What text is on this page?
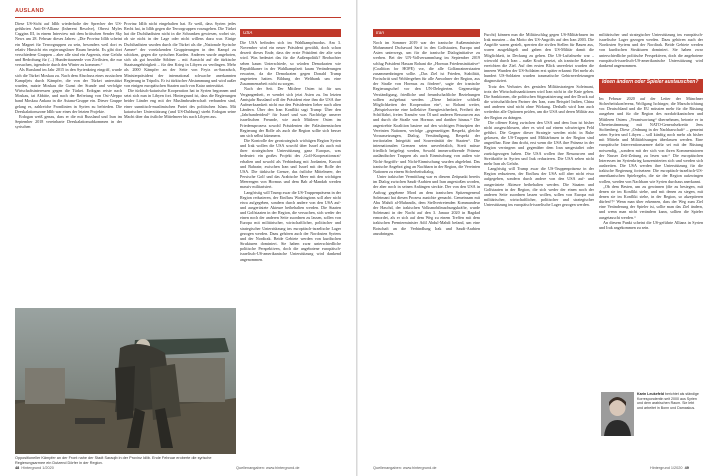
AUSLAND

Diese US-Sicht auf Idlib wiederholte der Sprecher der US-geführten Anti-IS-Allianz (Inherent Resolve), Oberst Myles Caggins III, in einem Interview mit dem britischen Sender Sky News am 28. Februar dieses Jahres: „Die Provinz Idlib scheint ein Magnet für Terrorgruppen zu sein, besonders weil dort es relativ Hinsicht ein regierungsloser Raum besteht. Es gibt dort verschiedene Gruppen – aber alle sind ein Argernis, eine Gefahr und Bedrohung für (...) Hunderttausende von Zivilisten, die nur versuchen, irgendwie durch den Winter zu kommen.“

Als Russland im Jahr 2015 in den Syrienkrieg eingriff, wurde sich die Türkei Moskau zu. Nach dem Abschuss eines russischen Kampfjets durch Kämpfer, die von der Türkei unterstützt wurden, nutzte Moskau die Gunst der Stunde und verfolgte Wirtschaftsinteressen gegen die Türkei. Erdogan reiste nach Moskau, tat Abbitte, und nach der Befreiung von Ost-Aleppo band Moskau Ankara in die Astana-Gruppe ein. Dieser Gruppe gelang es, zahlreiche Frontlinien in Syrien zu befrieden. Die Deeskalationszone Idlib war eines der letzten Projekte.

Erdogan weiß genau, dass er die mit Russland und Iran im September 2018 vereinbarte Deeskalationsabkommen in der syrischen

Provinz Idlib nicht eingehalten hat. Er weiß, dass Syrien jedes Recht hat, in Idlib gegen die Terrorgruppen vorzugehen. Die Türkei hat die Dschihadisten nicht in die Schranken gewiesen, wobei sie, ob sie nicht in der Lage oder nicht willens dazu war. Einige Dschihadisten wurden durch die Türkei als die „Nationale Syrische Armee“ der vorrückenden Gruppierungen in den Kampf zu schicken, gegen die syrischen Kurden. Anderen wurde angeboten, sich als gut bezahlte Söldner – mit Aussicht auf die türkische Staatsangehörigkeit – für den Krieg in Libyen zu verdingen. Mehr als 2000 Kämpfer an der Seite von Feyiz as-Sarradsch, Ministerpräsident der international schwache anerkannten Regierung in Tripolis. Er ist türkischer Abstammung und wird außer von einigen europäischen Staaten auch von Katar unterstützt.

Die türkisch-katarische Kooperation hat in Syrien begonnen und setzt sich nun in Libyen fort. Hintergrund ist, dass die Regierungen beider Länder eng mit der Muslimbruderschaft verbunden sind, einer sunnitisch-muslimischen Partei des politischen Islam. Mit katarischer Unterstützung (und US-Duldung) strebt Erdogan seine Macht über das östliche Mittelmeer bis nach Libyen aus.

USA

Die USA befinden sich im Wahlkampfmodus. Am 3. November wird ein neuer Präsident gewählt, doch schon derzeit dieses Ende, dass der erste Präsident der alte sein wird. Was bedeutet das für die Außenpolitik? Beobachter sehen kaum Unterschiede, so würden Demokraten wie Republikaner in der Wahlkampfzeit kaum Veränderungen erwarten, da die Demokraten gegen Donald Trump angetreten hatten. Bildung der Weltbank um eine Zusammenarbeit nicht zu sorgen.

Nach der Seit. Der Mittlere Osten ist für uns Vergangenheit, er wendet sich jetzt Asien zu. Im letzten Amtsjahr Russland will der Präsident eine ihm die USA ihre Aufmerksamkeit nicht nur den Präsidenten lieber nach alten Ländern. Über den Iran Konflikt sagt Trump: Über den „Jahrhundertdeal“ für Israel und was Nachfolge unserer israelischen Freunde, wie auch Mittlerer Osten im Friedensprozess sowohl Präsidenten der Palästinensischen Regierung der Rolle als auch die Region sollte sich besser um sich selbst kümmern.

Die Kontrolle der geostrategisch wichtigen Region Syrien und Irak wollen die USA sowohl über Israel als auch mit ihrer strategischen Unterstützung ganz Europas, was bedeutet: ein großes Projekt des ‚Golf-Kooperationsrat‘ erhalten und sowohl als Verbindung mit Jordanien, Kuwait und Bahrain; zwischen Iran und Israel mit der Rolle der USA. Die türkische Grenze, das östliche Mittelmeer, der Persische Golf und das Arabische Meer mit den wichtigen Meerengen von Hormus und dem Bab al-Mandab werden massiv militarisiert.

Langfristig will Trump zwar die US-Truppenpräsenz in der Region reduzieren, der Einfluss Washingtons soll aber nicht etwa aufgegeben, sondern durch andere von den USA auf- und ausgerüstete Akteure beibehalten werden. Die Staaten und Golfstaaten in der Region, die versuchen, sich weder der einen noch der anderen Seite zuordnen zu lassen, sollen von Europa mit militärischer, wirtschaftlicher, politischer und strategischer Unterstützung ins europäisch-israelische Lager gezogen werden. Dazu gehören auch der Nordosten Syriens und der Nordirak. Beide Gebiete werden von kurdischen Strukturen dominiert. Sie haben zwar unterschiedliche politische Perspektiven, doch die angebotene europäisch-israelisch-US-amerikanische Unterstützung wird dankend angenommen.

Oppositioneller Kämpfer an der Front nahe der Stadt Saraqib in der Provinz Idlib. Ende Februar eroberte die syrische Regierungsarmee ein Dutzend Dörfer in der Region.
48 Hintergrund 1/2020	Quellenangaben: www.hintergrund.de
Iran

Noch im Sommer 2019 war der iranische Außenminister Mohammed Dschawad Sarif in den Golfstaaten, Europa und Asien unterwegs, um für die iranische Dialoginitiative zu werben. Bei der UN-Vollversammlung im September 2019 schlug Präsident Hassan Rohani die „Hormus Friedensinitiative“ (Coalition for HOPE) vor, die alle Golfanrainerstaaten zusammenbringen sollte. „Das Ziel ist Frieden, Stabilität, Fortschritt und Wohlergehen für alle Anwohner der Region, aus der Straße von Hormus zu fördern“, sagte der iranische Regierungschef vor den UN-Delegierten. Gegenseitige Verständigung, friedliche und freundschaftliche Beziehungen sollten aufgebaut werden. „Diese Initiative schließt Möglichkeiten der Kooperation ein“, so Rohani weiter, „Beispielsweise eine kollektive Energiesicherheit, Freiheit der Schifffahrt, freien Transfer von Öl und anderen Ressourcen aus und durch die Straße von Hormus und darüber hinaus.“ Die angestrebte Koalition basiere auf den wichtigen Prinzipien der Vereinten Nationen, verfolge „gegenseitigen Respekt, gleiche Voraussetzungen, Dialog, Verständigung, Respekt der territorialen Integrität und Souveränität der Staaten“. Die internationalen Grenzen seien unverletzlich, Streit müsse friedlich beigelegt werden, Sowohl immerwährende Präsenz ausländischer Truppen als auch Einmischung von außen wie Nicht-Angriffs- und Nicht-Einmischung wurden abgelehnt. Das iranische Angebot ging an Nachbarn in der Region, die Vereinten Nationen zu einem Sicherheitsdialog.

Unter irakischer Vermittlung war es diesem Zeitpunkt bereits im Dialog zwischen Saudi-Arabien und Iran angestoßen worden, der aber noch in seinen Anfängen steckte. Der von den USA in Auftrag gegebene Mord an dem iranischen Spitzengeneral Soleimani hat diesen Prozess zunichte gemacht. Gemeinsam mit Abu Mahdi al-Muhandis, dem Stellvertretenden Kommandeur der Haschd, der irakischen Volksmobilmachungskräfte, wurde Soleimani in der Nacht auf den 3. Januar 2020 in Bagdad ermordet, als er sich auf dem Weg zu einem Treffen mit dem irakischen Premierminister Adil Abdul-Mahdi befand, um eine Botschaft an die Verbindlung Irak und Saudi-Arabien anzubringen.

Furcht) können nun die Militärschlag gegen US-Militärbasen im Irak mussten – das Motto des US-Angriffs auf den Iran 2003. Die Angriffe waren gezielt, sperrten die zivilen Stellen für Bauen aus, waren ausgeklügelt und gaben den US-Militär damit die Möglichkeit, in Deckung zu gehen. Die US-Luftabwehr war – wiewohl durch Iran – außer Kraft gesetzt, als iranische Raketen erreichten die Ziel. Auf den ersten Blick unverletzt wurden die inneren Wunden der US-Soldaten erst später erkannt: Bei mehr als hundert US-Soldaten wurden traumatische Gehirnverletzungen diagnostiziert.

Trotz des Verlustes des genialen Militärstrategen Soleimani, trotz der Wirtschaftssanktionen wird Iran nicht in die Knie gehen. Die Sanktionen, die politischen Stigmatisierung und der Druck auf die wirtschaftlichen Partner des Iran, zum Beispiel Indien, China und anderen sind nicht ohne Wirkung. Deshalb wird Iran auch weiterhin alle Optionen prüfen, um die USA und deren Militär aus der Region zu drängen.

Die offener Krieg zwischen den USA und dem Iran ist bisher nicht ausgeschlossen, aber es wird auf einem schwierigen Feld geführt. Die Gegner dieser Strategie werden nicht in Ruhe gelassen, die US-Truppen und Militärbasen in der Region sind angreifbar. Eine ihm droht, erst wenn die USA ihre Präsenz in der Region verringern und gegenüber dem Iran umgestaltet oder zurückgezogen haben. Die USA wollen ihre Ressourcen und Streitkräfte in Syrien und Irak reduzieren. Die USA sehen nicht mehr Iran als Gefahr.

Langfristig will Trump zwar die US-Truppenpräsenz in der Region reduzieren, der Einfluss der USA soll aber nicht etwa aufgegeben, sondern durch andere von den USA auf- und ausgerüstete Akteure beibehalten werden. Die Staaten und Golfstaaten in der Region, die sich weder der einen noch der anderen Seite zuordnen lassen wollen, sollen von Europa mit militärischer, wirtschaftlicher, politischer und strategischer Unterstützung ins europäisch-israelische Lager gezogen werden.

militärischer und strategischer Unterstützung ins europäisch-israelische Lager gezogen werden. Dazu gehören auch der Nordosten Syriens und der Nordirak. Beide Gebiete werden von kurdischen Strukturen dominiert. Sie haben zwar unterschiedliche politische Perspektiven, doch die angebotene europäisch-israelisch-US-amerikanische Unterstützung wird dankend angenommen.

Ideen ändern oder Spieler austauschen?

Im Februar 2020 auf der Leiter der Münchner Sicherheitskonferenz, Wolfgang Ischinger, die Marschrichtung vor. Deutschland und die EU müssten mehr für die Rüstung ausgeben und für die Region des nordafrikanischen und Mittleren Ostens „Verantwortung“ übernehmen, betonte er in Übereinstimmung mit NATO-Generalsekretär Jens Stoltenberg. Diese „Ordnung in der Nachbarschaft“ – gemeint seien Syrien und Libyen – soll künftig noch mehr als bisher mit Mitteln und Militärlösungen überlassen werden. Eine europäische Interventionsarmee dafür sei mit der Rüstung notwendig, „sondern mit der sich von ihren Kommentatoren der Nasser Zeit-Zeitung zu lesen war.“ Die europäischen Interessen im Syrienkrieg konzentrierten sich und werden sich ausbreiten. Die USA werden ihre Unterstützung für die irakische Regierung fortsetzen: Die europäisch-israelisch-US-amerikanischen Spielregeln, die sie der Region aufzwingen wollen, werden von Nachbarn wie Syrien durchaus anerkannt.

„Ob dem Besten, um zu gewinnen (die zu besiegen, mit denen sie im Konflikt stehe, und mit denen zu siegen, mit denen sie im Konflikt stehe, in der Region, so akzeptieren dürfen?!“ Wenn man über erkennen, dass der Weg zum Ziel eine Veränderung der Spieler ist, sollte man das Ziel ändern, und wenn man nicht verändern kann, sollten die Spieler ausgetauscht werden.“

An diesem Punkt scheint die US-geführte Allianz in Syrien und Irak angekommen zu sein.

Karin Leukefeld berichtet als ständige Korrespondentin seit 2000 aus Syrien und dem arabischen Raum. Sie lebt und arbeitet in Bonn und Damaskus.
Quellenangaben: www.hintergrund.de	Hintergrund 1/2020 49
